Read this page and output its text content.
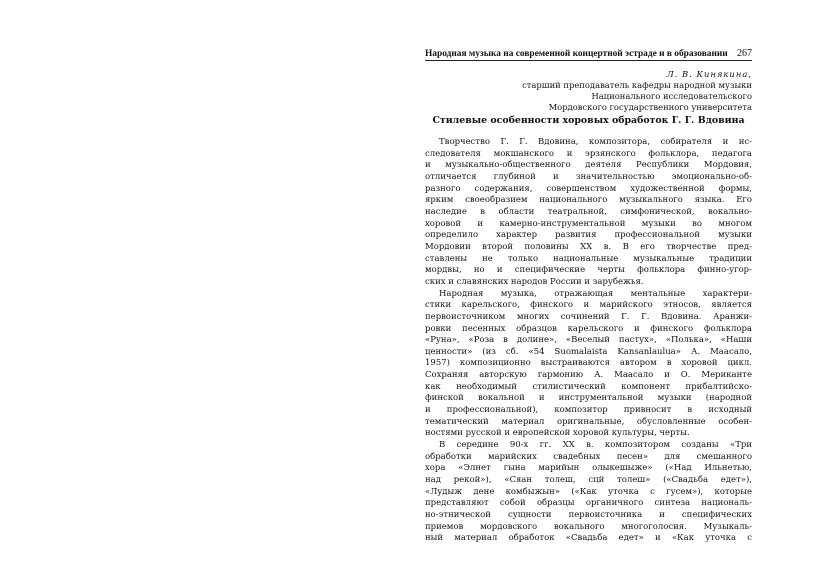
Народная музыка на современной концертной эстраде и в образовании 267
Л. В. Кинякина,
старший преподаватель кафедры народной музыки
Национального исследовательского
Мордовского государственного университета
Стилевые особенности хоровых обработок Г. Г. Вдовина
Творчество Г. Г. Вдовина, композитора, собирателя и ис-
следователя мокшанского и эрзянского фольклора, педагога
и музыкально-общественного деятеля Республики Мордовия,
отличается глубиной и значительностью эмоционально-об-
разного содержания, совершенством художественной формы,
ярким своеобразием национального музыкального языка. Его
наследие в области театральной, симфонической, вокально-
хоровой и камерно-инструментальной музыки во многом
определило характер развития профессиональной музыки
Мордовии второй половины XX в. В его творчестве пред-
ставлены не только национальные музыкальные традиции
мордвы, но и специфические черты фольклора финно-угор-
ских и славянских народов России и зарубежья.
Народная музыка, отражающая ментальные характери-
стики карельского, финского и марийского этносов, является
первоисточником многих сочинений Г. Г. Вдовина. Аранжи-
ровки песенных образцов карельского и финского фольклора
«Руна», «Роза в долине», «Веселый пастух», «Полька», «Наши
ценности» (из сб. «54 Suomalaista Kansanlaulua» А. Маасало,
1957) композиционно выстраиваются автором в хоровой цикл.
Сохраняя авторскую гармонию А. Маасало и О. Мериканте
как необходимый стилистический компонент прибалтийско-
финской вокальной и инструментальной музыки (народной
и профессиональной), композитор привносит в исходный
тематический материал оригинальные, обусловленные особен-
ностями русской и европейской хоровой культуры, черты.
В середине 90-х гг. XX в. композитором созданы «Три
обработки марийских свадебных песен» для смешанного
хора «Элнет гына марийын олыкешыже» («Над Ильнетью,
над рекой»), «Сяан толеш, сцй толеш» («Свадьба едет»),
«Лудыж дене комбыжын» («Как уточка с гусем»), которые
представляют собой образцы органичного синтеза националь-
но-этнической сущности первоисточника и специфических
приемов мордовского вокального многоголосия. Музыкаль-
ный материал обработок «Свадьба едет» и «Как уточка с
